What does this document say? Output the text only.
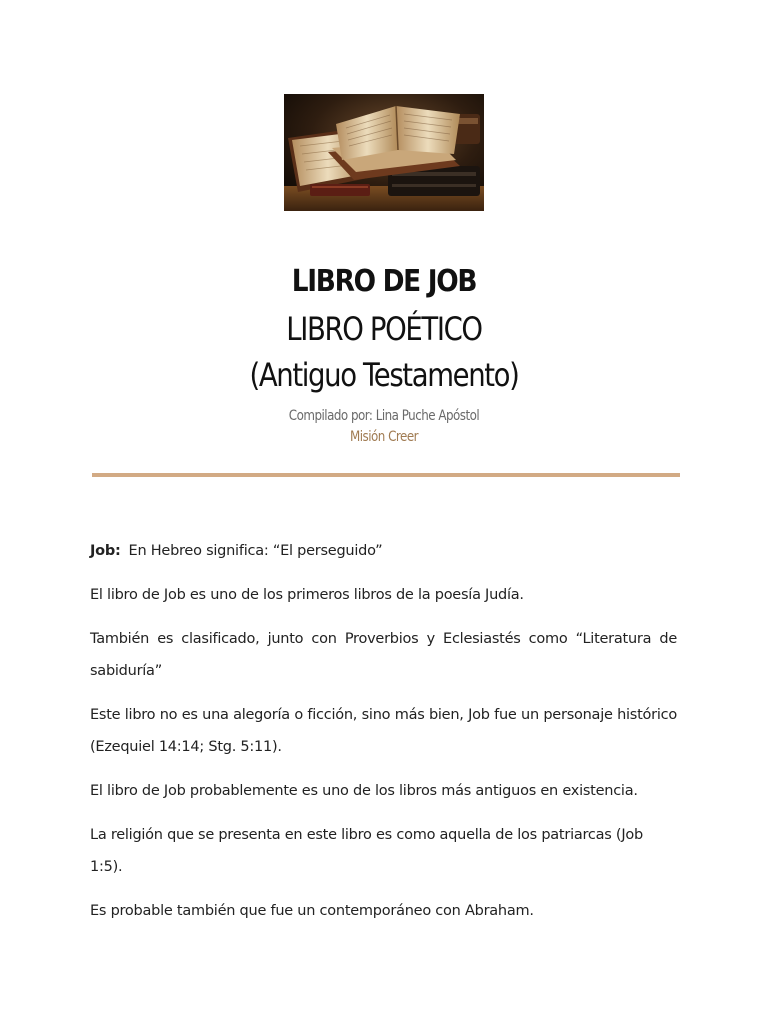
LIBRO DE JOB
LIBRO POÉTICO
(Antiguo Testamento)
Compilado por: Lina Puche Apóstol
Misión Creer

Job: En Hebreo significa: “El perseguido”

El libro de Job es uno de los primeros libros de la poesía Judía.

También es clasificado, junto con Proverbios y Eclesiastés como “Literatura de sabiduría”

Este libro no es una alegoría o ficción, sino más bien, Job fue un personaje histórico (Ezequiel 14:14; Stg. 5:11).

El libro de Job probablemente es uno de los libros más antiguos en existencia.

La religión que se presenta en este libro es como aquella de los patriarcas (Job 1:5).

Es probable también que fue un contemporáneo con Abraham.
